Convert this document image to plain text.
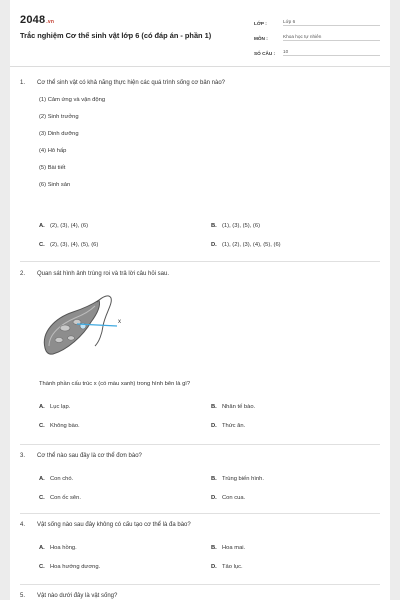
2048.vn
Trắc nghiệm Cơ thể sinh vật lớp 6 (có đáp án - phần 1)
LỚP :	Lớp 6
MÔN :	Khoa học tự nhiên
SỐ CÂU :	10
1.	Cơ thể sinh vật có khả năng thực hiện các quá trình sống cơ bản nào?
(1) Cảm ứng và vận động
(2) Sinh trưởng
(3) Dinh dưỡng
(4) Hô hấp
(5) Bài tiết
(6) Sinh sản
A. (2), (3), (4), (6)	B. (1), (3), (5), (6)
C. (2), (3), (4), (5), (6)	D. (1), (2), (3), (4), (5), (6)
2.	Quan sát hình ảnh trùng roi và trả lời câu hỏi sau.
x
Thành phần cấu trúc x (có màu xanh) trong hình bên là gì?
A. Lục lạp.	B. Nhân tế bào.
C. Không bào.	D. Thức ăn.
3.	Cơ thể nào sau đây là cơ thể đơn bào?
A. Con chó.	B. Trùng biến hình.
C. Con ốc sên.	D. Con cua.
4.	Vật sống nào sau đây không có cấu tạo cơ thể là đa bào?
A. Hoa hồng.	B. Hoa mai.
C. Hoa hướng dương.	D. Tảo lục.
5.	Vật nào dưới đây là vật sống?
